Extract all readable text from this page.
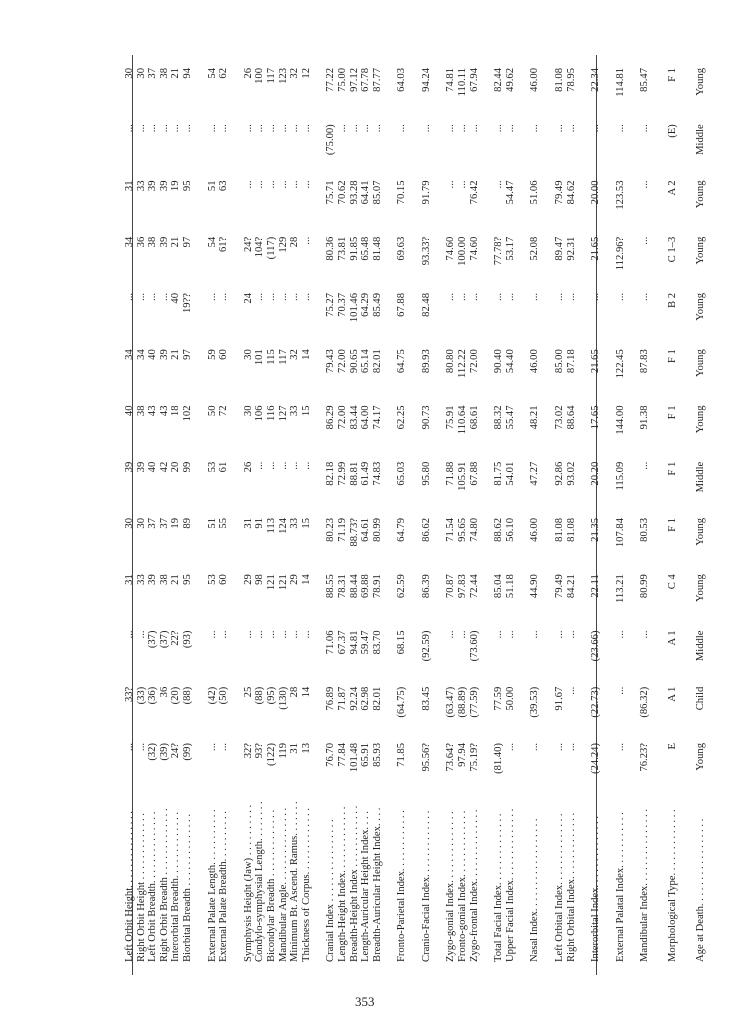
Left Orbit Height. . . . . . . . . . . . . . .	...	33?	...	31	30	39	40	34	...	34	31	...	30
Right Orbit Height . . . . . . . . . . . . .	...	(33)	...	33	30	39	38	34	...	36	33	...	30
Left Orbit Breadth. . . . . . . . . . . . . .	(32)	(36)	(37)	39	37	40	43	40	...	38	39	...	37
Right Orbit Breadth . . . . . . . . . . . . .	(39)	36	(37)	38	37	42	43	39	...	39	39	...	38
Interorbital Breadth. . . . . . . . . . . . .	24?	(20)	22?	21	19	20	18	21	40	21	19	...	21
Biorbital Breadth . . . . . . . . . . . . . .	(99)	(88)	(93)	95	89	99	102	97	19??	97	95	...	94

External Palate Length. . . . . . . . . . .	...	(42)	...	53	51	53	50	59	...	54	51	...	54
External Palate Breadth. . . . . . . . . .	...	(50)	...	60	55	61	72	60	...	61?	63	...	62

Symphysis Height (Jaw) . . . . . . . . . .	32?	25	...	29	31	26	30	30	24	24?	...	...	26
Condylo-symphysial Length. . . . . . . .	93?	(88)	...	98	91	...	106	101	...	104?	...	...	100
Bicondylar Breadth . . . . . . . . . . . . .	(122)	(95)	...	121	113	...	116	115	...	(117)	...	...	117
Mandibular Angle. . . . . . . . . . . . . . .	119	(130)	...	121	124	...	127	117	...	129	...	...	123
Minimum Bt. Ascend. Ramus. . . . . . .	31	28	...	29	33	...	33	32	...	28	...	...	32
Thickness of Corpus. . . . . . . . . . . . .	13	14	...	14	15	...	15	14	...	...	...	...	12

Cranial Index . . . . . . . . . . . . . . . .	76.70	76.89	71.06	88.55	80.23	82.18	86.29	79.43	75.27	80.36	75.71	(75.00)	77.22
Length-Height Index. . . . . . . . . . . . .	77.84	71.87	67.37	78.31	71.19	72.99	72.00	72.00	70.37	73.81	70.62	...	75.00
Breadth-Height Index . . . . . . . . . . . .	101.48	92.24	94.81	88.44	88.73?	88.81	83.44	90.65	101.46	91.85	93.28	...	97.12
Length-Auricular Height Index. . . .	65.91	62.98	59.47	69.88	64.61	61.49	64.00	65.14	64.29	65.48	64.41	...	67.78
Breadth-Auricular Height Index. . . .	85.93	82.01	83.70	78.91	80.99	74.83	74.17	82.01	85.49	81.48	85.07	...	87.77

Fronto-Parietal Index. . . . . . . . . . . .	71.85	(64.75)	68.15	62.59	64.79	65.03	62.25	64.75	67.88	69.63	70.15	...	64.03

Cranio-Facial Index. . . . . . . . . . . . .	95.56?	83.45	(92.59)	86.39	86.62	95.80	90.73	89.93	82.48	93.33?	91.79	...	94.24

Zygo-gonial Index. . . . . . . . . . . . . .	73.64?	(63.47)	...	70.87	71.54	71.88	75.91	80.80	...	74.60	...	...	74.81
Fronto-gonial Index. . . . . . . . . . . . .	97.94	(88.89)	...	97.83	95.65	105.91	110.64	112.22	...	100.00	...	...	110.11
Zygo-frontal Index. . . . . . . . . . . . . .	75.19?	(77.59)	(73.60)	72.44	74.80	67.88	68.61	72.00	...	74.60	76.42	...	67.94

Total Facial Index. . . . . . . . . . . . . .	(81.40)	77.59	...	85.04	88.62	81.75	88.32	90.40	...	77.78?	...	...	82.44
Upper Facial Index. . . . . . . . . . . . . .	...	50.00	...	51.18	56.10	54.01	55.47	54.40	...	53.17	54.47	...	49.62

Nasal Index. . . . . . . . . . . . . . . . . .	...	(39.53)	...	44.90	46.00	47.27	48.21	46.00	...	52.08	51.06	...	46.00

Left Orbital Index. . . . . . . . . . . . . .	...	91.67	...	79.49	81.08	92.86	73.02	85.00	...	89.47	79.49	...	81.08
Right Orbital Index. . . . . . . . . . . . .	...	...	...	84.21	81.08	93.02	88.64	87.18	...	92.31	84.62	...	78.95

Interorbital Index. . . . . . . . . . . . . .	(24.24)	(22.73)	(23.66)	22.11	21.35	20.20	17.65	21.65	...	21.65	20.00	...	22.34

External Palatal Index. . . . . . . . . . .	...	...	...	113.21	107.84	115.09	144.00	122.45	...	112.96?	123.53	...	114.81

Mandibular Index. . . . . . . . . . . . . . .	76.23?	(86.32)	...	80.99	80.53	...	91.38	87.83	...	...	...	...	85.47

Morphological Type. . . . . . . . . . . . .	E	A 1	A 1	C 4	F 1	F 1	F 1	F 1	B 2	C 1–3	A 2	(E)	F 1

Age at Death. . . . . . . . . . . . . . . . .	Young	Child	Middle	Young	Young	Middle	Young	Young	Young	Young	Young	Middle	Young
353
